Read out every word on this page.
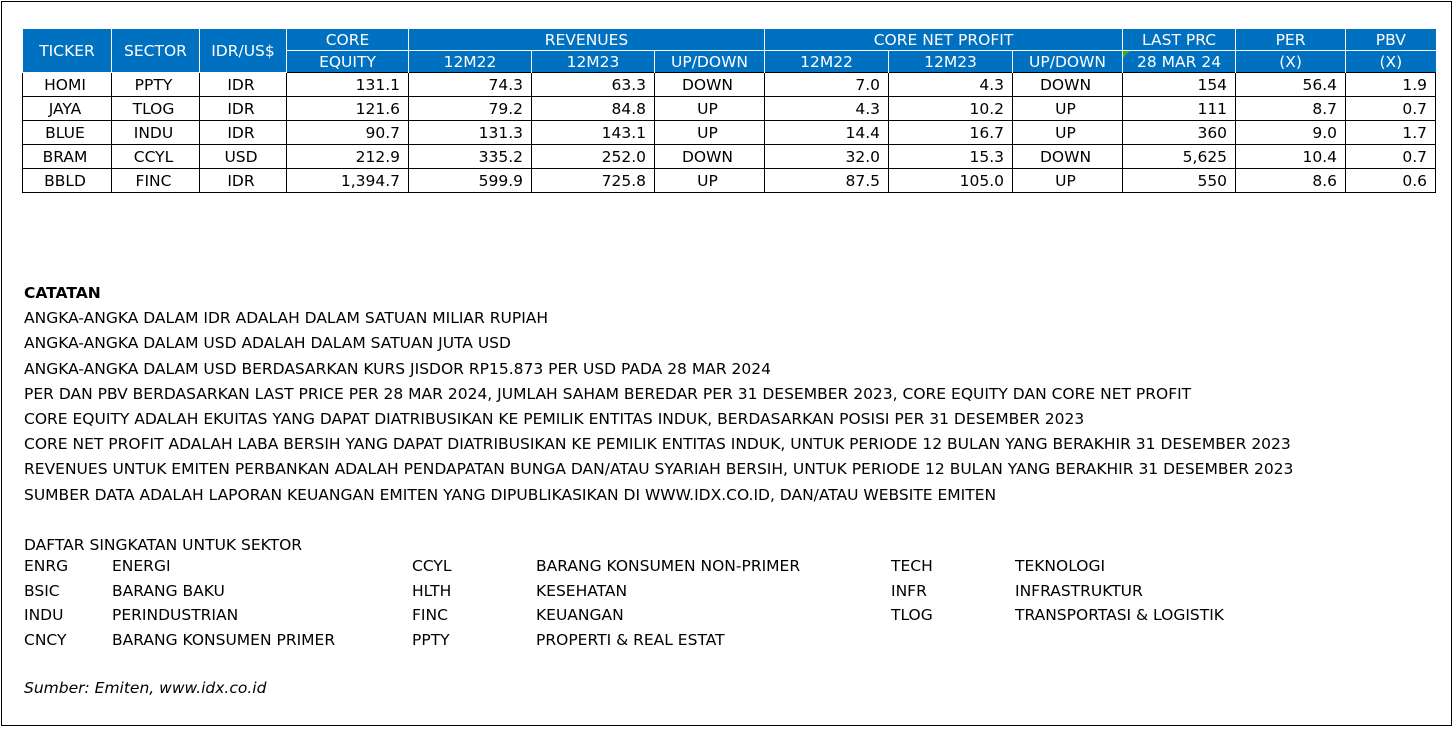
TICKER	SECTOR	IDR/US$	CORE	REVENUES			CORE NET PROFIT			LAST PRC	PER	PBV
			EQUITY	12M22	12M23	UP/DOWN	12M22	12M23	UP/DOWN	28 MAR 24	(X)	(X)
HOMI	PPTY	IDR	131.1	74.3	63.3	DOWN	7.0	4.3	DOWN	154	56.4	1.9
JAYA	TLOG	IDR	121.6	79.2	84.8	UP	4.3	10.2	UP	111	8.7	0.7
BLUE	INDU	IDR	90.7	131.3	143.1	UP	14.4	16.7	UP	360	9.0	1.7
BRAM	CCYL	USD	212.9	335.2	252.0	DOWN	32.0	15.3	DOWN	5,625	10.4	0.7
BBLD	FINC	IDR	1,394.7	599.9	725.8	UP	87.5	105.0	UP	550	8.6	0.6
CATATAN
ANGKA-ANGKA DALAM IDR ADALAH DALAM SATUAN MILIAR RUPIAH
ANGKA-ANGKA DALAM USD ADALAH DALAM SATUAN JUTA USD
ANGKA-ANGKA DALAM USD BERDASARKAN KURS JISDOR RP15.873 PER USD PADA 28 MAR 2024
PER DAN PBV BERDASARKAN LAST PRICE PER 28 MAR 2024, JUMLAH SAHAM BEREDAR PER 31 DESEMBER 2023, CORE EQUITY DAN CORE NET PROFIT
CORE EQUITY ADALAH EKUITAS YANG DAPAT DIATRIBUSIKAN KE PEMILIK ENTITAS INDUK, BERDASARKAN POSISI PER 31 DESEMBER 2023
CORE NET PROFIT ADALAH LABA BERSIH YANG DAPAT DIATRIBUSIKAN KE PEMILIK ENTITAS INDUK, UNTUK PERIODE 12 BULAN YANG BERAKHIR 31 DESEMBER 2023
REVENUES UNTUK EMITEN PERBANKAN ADALAH PENDAPATAN BUNGA DAN/ATAU SYARIAH BERSIH, UNTUK PERIODE 12 BULAN YANG BERAKHIR 31 DESEMBER 2023
SUMBER DATA ADALAH LAPORAN KEUANGAN EMITEN YANG DIPUBLIKASIKAN DI WWW.IDX.CO.ID, DAN/ATAU WEBSITE EMITEN
DAFTAR SINGKATAN UNTUK SEKTOR
ENRG	ENERGI
BSIC	BARANG BAKU
INDU	PERINDUSTRIAN
CNCY	BARANG KONSUMEN PRIMER
CCYL	BARANG KONSUMEN NON-PRIMER
HLTH	KESEHATAN
FINC	KEUANGAN
PPTY	PROPERTI & REAL ESTAT
TECH	TEKNOLOGI
INFR	INFRASTRUKTUR
TLOG	TRANSPORTASI & LOGISTIK
Sumber: Emiten, www.idx.co.id
